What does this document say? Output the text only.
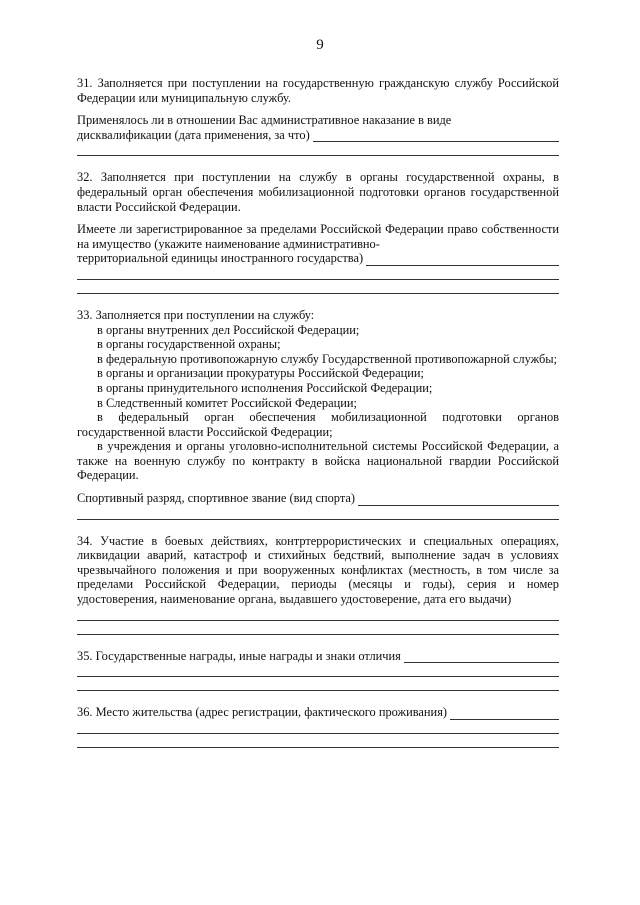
9

31. Заполняется при поступлении на государственную гражданскую службу Российской Федерации или муниципальную службу.

Применялось ли в отношении Вас административное наказание в виде

дисквалификации (дата применения, за что)

32. Заполняется при поступлении на службу в органы государственной охраны, в федеральный орган обеспечения мобилизационной подготовки органов государственной власти Российской Федерации.

Имеете ли зарегистрированное за пределами Российской Федерации право собственности на имущество (укажите наименование административно-

территориальной единицы иностранного государства)

33. Заполняется при поступлении на службу:

в органы внутренних дел Российской Федерации;
в органы государственной охраны;
в федеральную противопожарную службу Государственной противопожарной службы;
в органы и организации прокуратуры Российской Федерации;
в органы принудительного исполнения Российской Федерации;
в Следственный комитет Российской Федерации;
в федеральный орган обеспечения мобилизационной подготовки органов государственной власти Российской Федерации;
в учреждения и органы уголовно-исполнительной системы Российской Федерации, а также на военную службу по контракту в войска национальной гвардии Российской Федерации.
Спортивный разряд, спортивное звание (вид спорта)

34. Участие в боевых действиях, контртеррористических и специальных операциях, ликвидации аварий, катастроф и стихийных бедствий, выполнение задач в условиях чрезвычайного положения и при вооруженных конфликтах (местность, в том числе за пределами Российской Федерации, периоды (месяцы и годы), серия и номер удостоверения, наименование органа, выдавшего удостоверение, дата его выдачи)

35. Государственные награды, иные награды и знаки отличия
36. Место жительства (адрес регистрации, фактического проживания)
